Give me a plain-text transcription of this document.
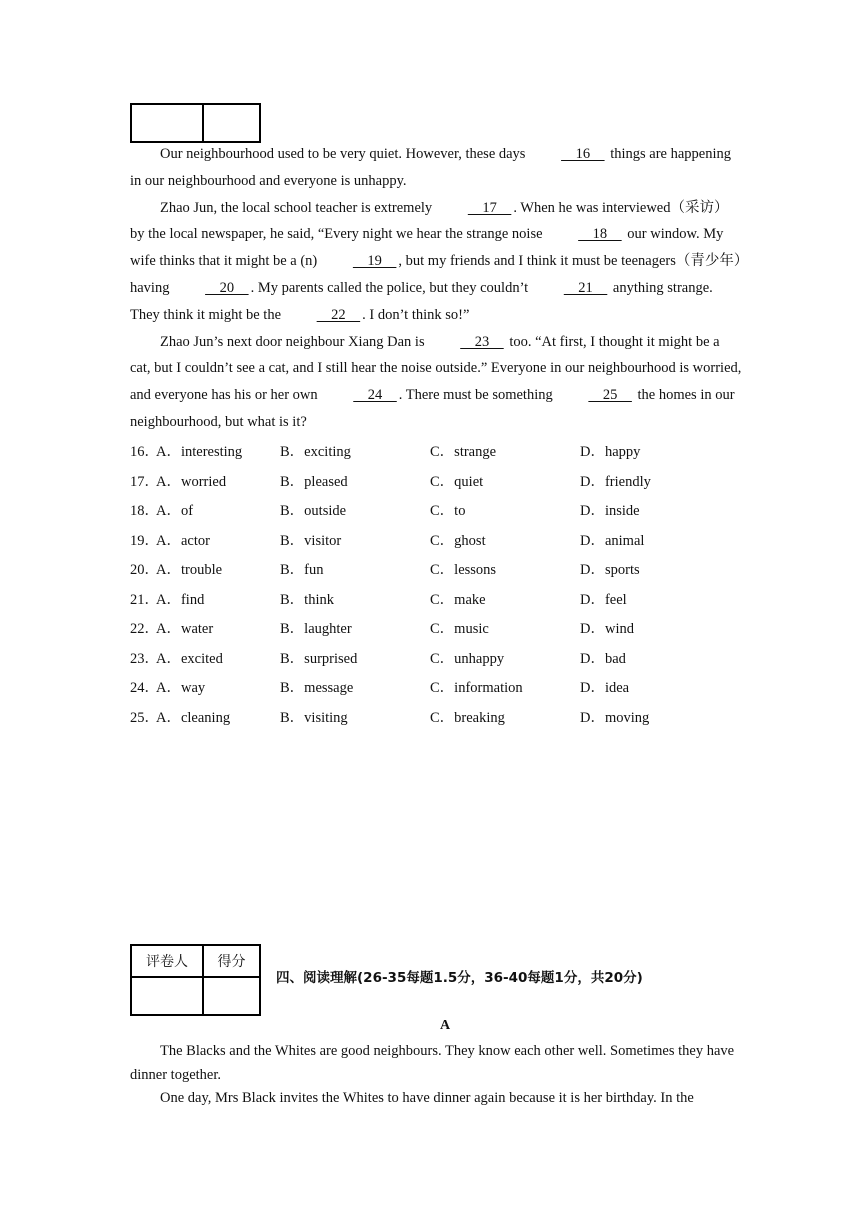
Our neighbourhood used to be very quiet. However, these days     16     things are happening in our neighbourhood and everyone is unhappy.

Zhao Jun, the local school teacher is extremely     17    . When he was interviewed（采访）by the local newspaper, he said, “Every night we hear the strange noise     18     our window. My wife thinks that it might be a (n)     19    , but my friends and I think it must be teenagers（青少年）having     20    . My parents called the police, but they couldn’t     21     anything strange. They think it might be the     22    . I don’t think so!”

Zhao Jun’s next door neighbour Xiang Dan is     23     too. “At first, I thought it might be a cat, but I couldn’t see a cat, and I still hear the noise outside.” Everyone in our neighbourhood is worried, and everyone has his or her own     24    . There must be something     25     the homes in our neighbourhood, but what is it?

16．
A．interesting	B．exciting	C．strange	D．happy
17．
A．worried	B．pleased	C．quiet	D．friendly
18．
A．of	B．outside	C．to	D．inside
19．
A．actor	B．visitor	C．ghost	D．animal
20．
A．trouble	B．fun	C．lessons	D．sports
21．
A．find	B．think	C．make	D．feel
22．
A．water	B．laughter	C．music	D．wind
23．
A．excited	B．surprised	C．unhappy	D．bad
24．
A．way	B．message	C．information	D．idea
25．
A．cleaning	B．visiting	C．breaking	D．moving
评卷人	得分

四、阅读理解(26-35每题1.5分，36-40每题1分，共20分)
A

The Blacks and the Whites are good neighbours. They know each other well. Sometimes they have dinner together.

One day, Mrs Black invites the Whites to have dinner again because it is her birthday. In the
